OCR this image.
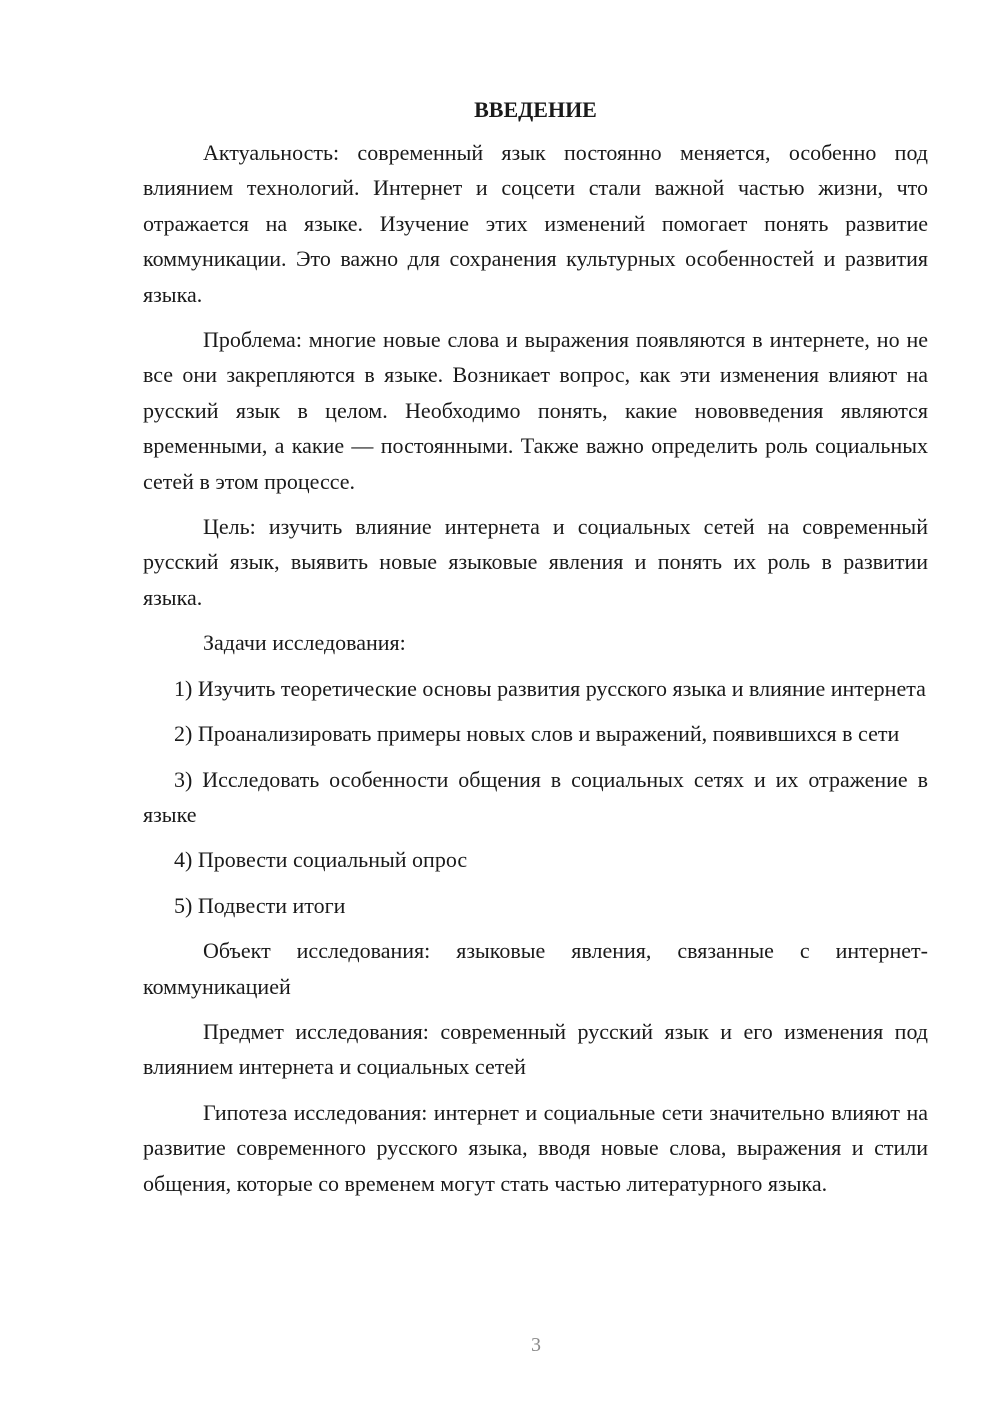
ВВЕДЕНИЕ

Актуальность: современный язык постоянно меняется, особенно под влиянием технологий. Интернет и соцсети стали важной частью жизни, что отражается на языке. Изучение этих изменений помогает понять развитие коммуникации. Это важно для сохранения культурных особенностей и развития языка.

Проблема: многие новые слова и выражения появляются в интернете, но не все они закрепляются в языке. Возникает вопрос, как эти изменения влияют на русский язык в целом. Необходимо понять, какие нововведения являются временными, а какие — постоянными. Также важно определить роль социальных сетей в этом процессе.

Цель: изучить влияние интернета и социальных сетей на современный русский язык, выявить новые языковые явления и понять их роль в развитии языка.

Задачи исследования:

1) Изучить теоретические основы развития русского языка и влияние интернета

2) Проанализировать примеры новых слов и выражений, появившихся в сети

3) Исследовать особенности общения в социальных сетях и их отражение в языке

4) Провести социальный опрос

5) Подвести итоги

Объект исследования: языковые явления, связанные с интернет-коммуникацией

Предмет исследования: современный русский язык и его изменения под влиянием интернета и социальных сетей

Гипотеза исследования: интернет и социальные сети значительно влияют на развитие современного русского языка, вводя новые слова, выражения и стили общения, которые со временем могут стать частью литературного языка.

3
